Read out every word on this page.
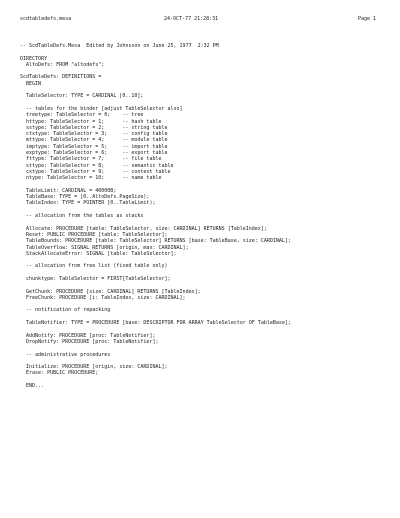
scdtabledefs.mesa	24-OCT-77 21:28:31	Page 1
-- ScdTableDefs.Mesa  Edited by Johnsson on June 25, 1977  2:32 PM
DIRECTORY
AltoDefs: FROM "altodefs";
ScdTableDefs: DEFINITIONS =
BEGIN
TableSelector: TYPE = CARDINAL [0..10];
-- tables for the binder [adjust TableSelector also]
treetype: TableSelector = 0;    -- tree
httype: TableSelector = 1;      -- hash table
sstype: TableSelector = 2;      -- string table
ctxtype: TableSelector = 3;     -- config table
mttype: TableSelector = 4;      -- module table
imptype: TableSelector = 5;     -- import table
exptype: TableSelector = 6;     -- export table
fttype: TableSelector = 7;      -- file table
sttype: TableSelector = 8;      -- semantic table
cxtype: TableSelector = 9;      -- context table
ntype: TableSelector = 10;      -- name table
TableLimit: CARDINAL = 40000B;
TableBase: TYPE = [0..AltoDefs.PageSize);
TableIndex: TYPE = POINTER [0..TableLimit);
-- allocation from the tables as stacks
Allocate: PROCEDURE [table: TableSelector, size: CARDINAL] RETURNS [TableIndex];
Reset: PUBLIC PROCEDURE [table: TableSelector];
TableBounds: PROCEDURE [table: TableSelector] RETURNS [base: TableBase, size: CARDINAL];
TableOverflow: SIGNAL RETURNS [origin, max: CARDINAL];
StackAllocateError: SIGNAL [table: TableSelector];
-- allocation from free list (fixed table only)
chunktype: TableSelector = FIRST[TableSelector];
GetChunk: PROCEDURE [size: CARDINAL] RETURNS [TableIndex];
FreeChunk: PROCEDURE [i: TableIndex, size: CARDINAL];
-- notification of repacking
TableNotifier: TYPE = PROCEDURE [base: DESCRIPTOR FOR ARRAY TableSelector OF TableBase];
AddNotify: PROCEDURE [proc: TableNotifier];
DropNotify: PROCEDURE [proc: TableNotifier];
-- administrative procedures
Initialize: PROCEDURE [origin, size: CARDINAL];
Erase: PUBLIC PROCEDURE;
END...
